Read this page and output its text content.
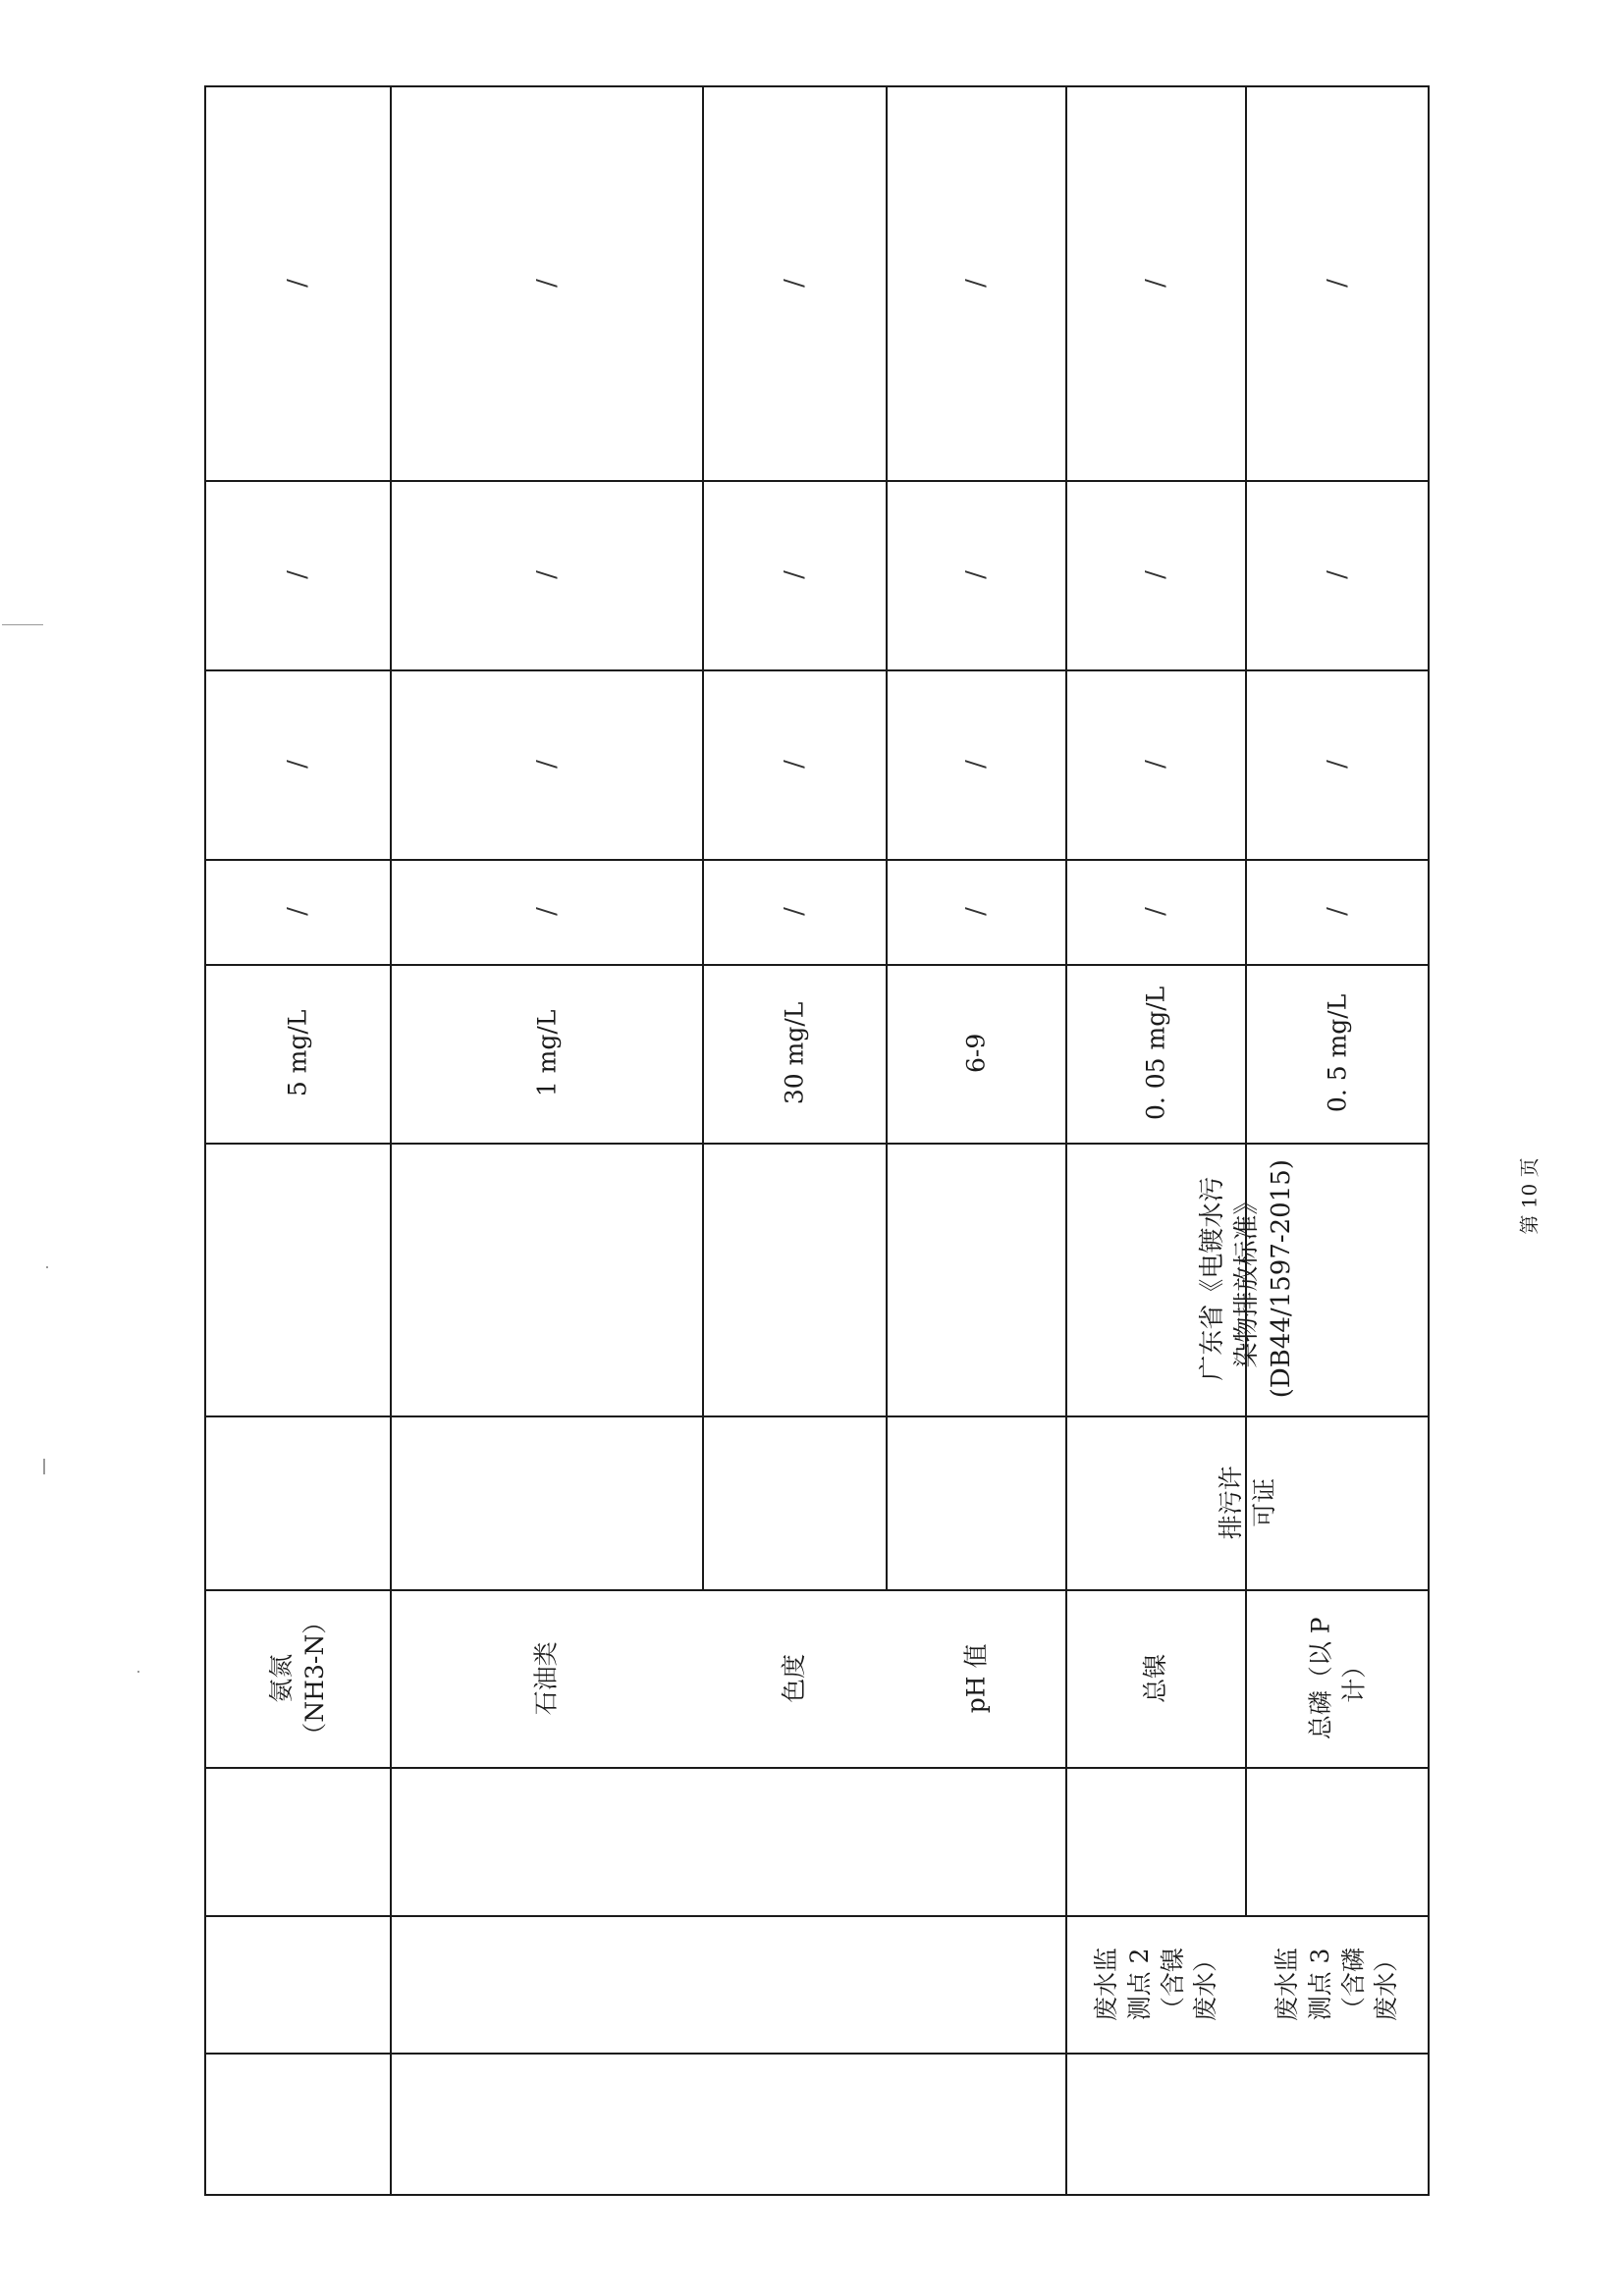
/
/
/
/
5 mg/L
氨氮
（NH3-N）
/
/
/
/
1 mg/L
石油类
/
/
/
/
30 mg/L
色度
/
/
/
/
6-9
pH 值
/
/
/
/
0. 05 mg/L
总镍
废水监
测点 2
（含镍
废水）
广东省《电镀水污
染物排放标准》
(DB44/1597-2015)
排污许
可证
/
/
/
/
0. 5 mg/L
总磷（以 P
计）
废水监
测点 3
（含磷
废水）
第 10 页
